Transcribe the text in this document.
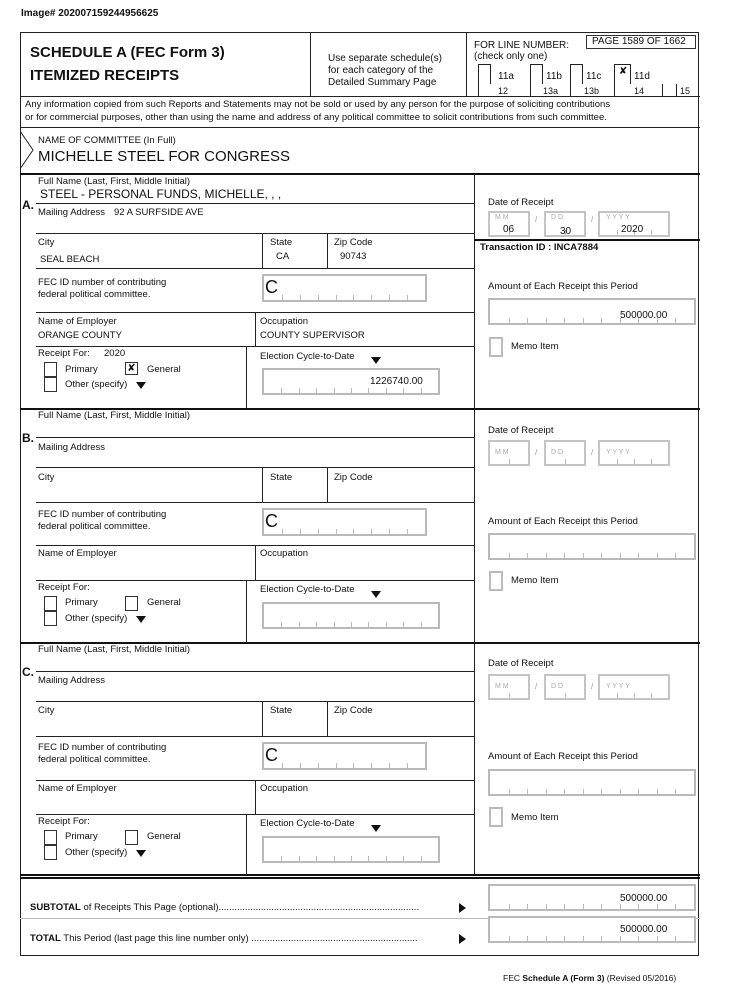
Image# 202007159244956625
SCHEDULE A (FEC Form 3)
ITEMIZED RECEIPTS
Use separate schedule(s)
for each category of the
Detailed Summary Page
FOR LINE NUMBER:
(check only one)
PAGE 1589 OF 1662
11a	11b 11c ✘ 11d
12	13a	13b	14	15
Any information copied from such Reports and Statements may not be sold or used by any person for the purpose of soliciting contributions
or for commercial purposes, other than using the name and address of any political committee to solicit contributions from such committee.
NAME OF COMMITTEE (In Full)
MICHELLE STEEL FOR CONGRESS
A.
Full Name (Last, First, Middle Initial)
STEEL - PERSONAL FUNDS, MICHELLE, , ,
Mailing Address 92 A SURFSIDE AVE
City
SEAL BEACH
State
CA
Zip Code
90743
FEC ID number of contributing
federal political committee.	C
Name of Employer
ORANGE COUNTY
Occupation
COUNTY SUPERVISOR
Receipt For: 2020
Primary	✘ General
Other (specify)
Election Cycle-to-Date
1226740.00
Date of Receipt
06
/
30
/
2020
M M	D D	Y Y Y Y
Transaction ID : INCA7884
Amount of Each Receipt this Period
500000.00
Memo Item
B.
Full Name (Last, First, Middle Initial)
Mailing Address
City	State	Zip Code
FEC ID number of contributing
federal political committee.	C
Name of Employer	Occupation
Receipt For:
Primary	General
Other (specify)
Election Cycle-to-Date
Date of Receipt
M M	D D	Y Y Y Y
/	/
Amount of Each Receipt this Period
Memo Item
C.
Full Name (Last, First, Middle Initial)
Mailing Address
City	State	Zip Code
FEC ID number of contributing
federal political committee.	C
Name of Employer	Occupation
Receipt For:
Primary	General
Other (specify)
Election Cycle-to-Date
Date of Receipt
M M	D D	Y Y Y Y
/	/
Amount of Each Receipt this Period
Memo Item
SUBTOTAL of Receipts This Page (optional)............................................................................
500000.00
TOTAL This Period (last page this line number only) ...............................................................
500000.00
FEC Schedule A (Form 3) (Revised 05/2016)
